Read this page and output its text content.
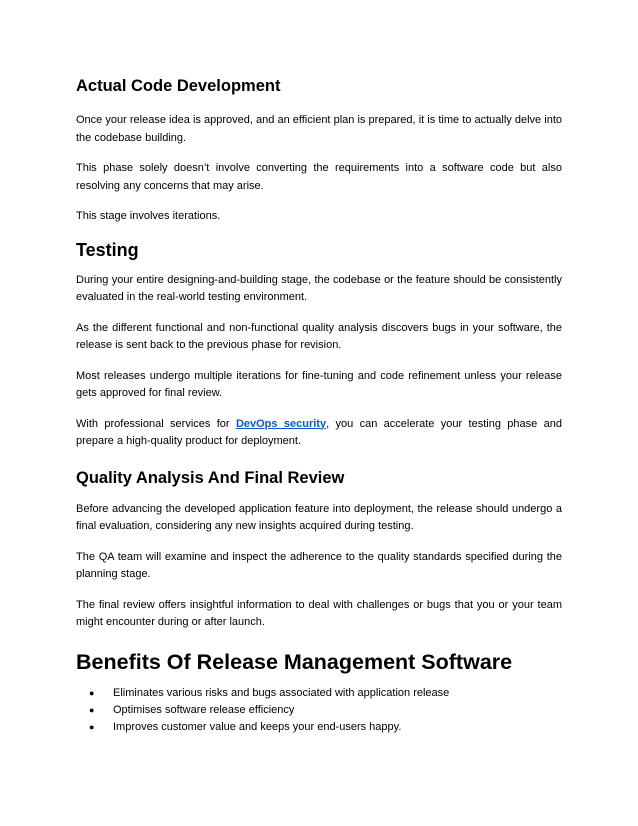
Actual Code Development

Once your release idea is approved, and an efficient plan is prepared, it is time to actually delve into the codebase building.

This phase solely doesn’t involve converting the requirements into a software code but also resolving any concerns that may arise.

This stage involves iterations.

Testing

During your entire designing-and-building stage, the codebase or the feature should be consistently evaluated in the real-world testing environment.

As the different functional and non-functional quality analysis discovers bugs in your software, the release is sent back to the previous phase for revision.

Most releases undergo multiple iterations for fine-tuning and code refinement unless your release gets approved for final review.

With professional services for DevOps security, you can accelerate your testing phase and prepare a high-quality product for deployment.

Quality Analysis And Final Review

Before advancing the developed application feature into deployment, the release should undergo a final evaluation, considering any new insights acquired during testing.

The QA team will examine and inspect the adherence to the quality standards specified during the planning stage.

The final review offers insightful information to deal with challenges or bugs that you or your team might encounter during or after launch.

Benefits Of Release Management Software
● Eliminates various risks and bugs associated with application release
● Optimises software release efficiency
● Improves customer value and keeps your end-users happy.
